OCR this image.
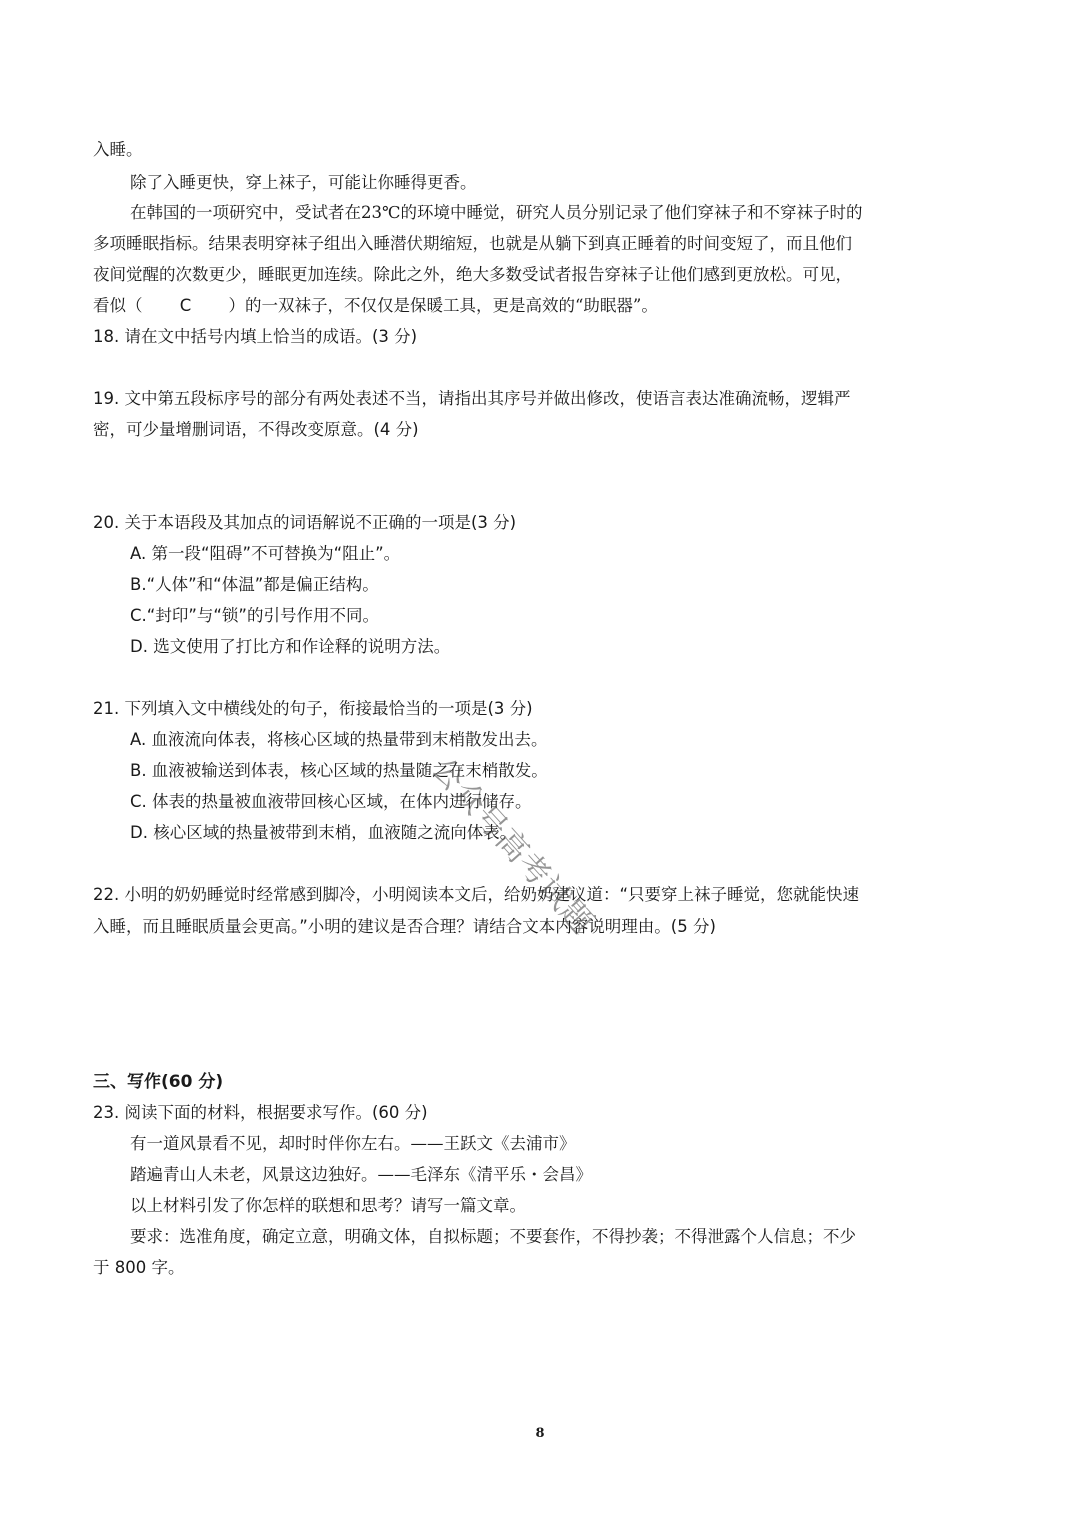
入睡。
除了入睡更快，穿上袜子，可能让你睡得更香。
在韩国的一项研究中，受试者在23℃的环境中睡觉，研究人员分别记录了他们穿袜子和不穿袜子时的
多项睡眠指标。结果表明穿袜子组出入睡潜伏期缩短，也就是从躺下到真正睡着的时间变短了，而且他们
夜间觉醒的次数更少，睡眠更加连续。除此之外，绝大多数受试者报告穿袜子让他们感到更放松。可见，
看似（ C ）的一双袜子，不仅仅是保暖工具，更是高效的“助眠器”。
18. 请在文中括号内填上恰当的成语。(3 分)
19. 文中第五段标序号的部分有两处表述不当，请指出其序号并做出修改，使语言表达准确流畅，逻辑严
密，可少量增删词语，不得改变原意。(4 分)
20. 关于本语段及其加点的词语解说不正确的一项是(3 分)
A. 第一段“阻碍”不可替换为“阻止”。
B.“人体”和“体温”都是偏正结构。
C.“封印”与“锁”的引号作用不同。
D. 选文使用了打比方和作诠释的说明方法。
21. 下列填入文中横线处的句子，衔接最恰当的一项是(3 分)
A. 血液流向体表，将核心区域的热量带到末梢散发出去。
B. 血液被输送到体表，核心区域的热量随之在末梢散发。
C. 体表的热量被血液带回核心区域，在体内进行储存。
D. 核心区域的热量被带到末梢，血液随之流向体表。
22. 小明的奶奶睡觉时经常感到脚冷，小明阅读本文后，给奶奶建议道：“只要穿上袜子睡觉，您就能快速
入睡，而且睡眠质量会更高。”小明的建议是否合理？请结合文本内容说明理由。(5 分)
三、写作(60 分)
23. 阅读下面的材料，根据要求写作。(60 分)
有一道风景看不见，却时时伴你左右。——王跃文《去浦市》
踏遍青山人未老，风景这边独好。——毛泽东《清平乐・会昌》
以上材料引发了你怎样的联想和思考？请写一篇文章。
要求：选准角度，确定立意，明确文体，自拟标题；不要套作，不得抄袭；不得泄露个人信息；不少
于 800 字。
8
公众号高考试题
